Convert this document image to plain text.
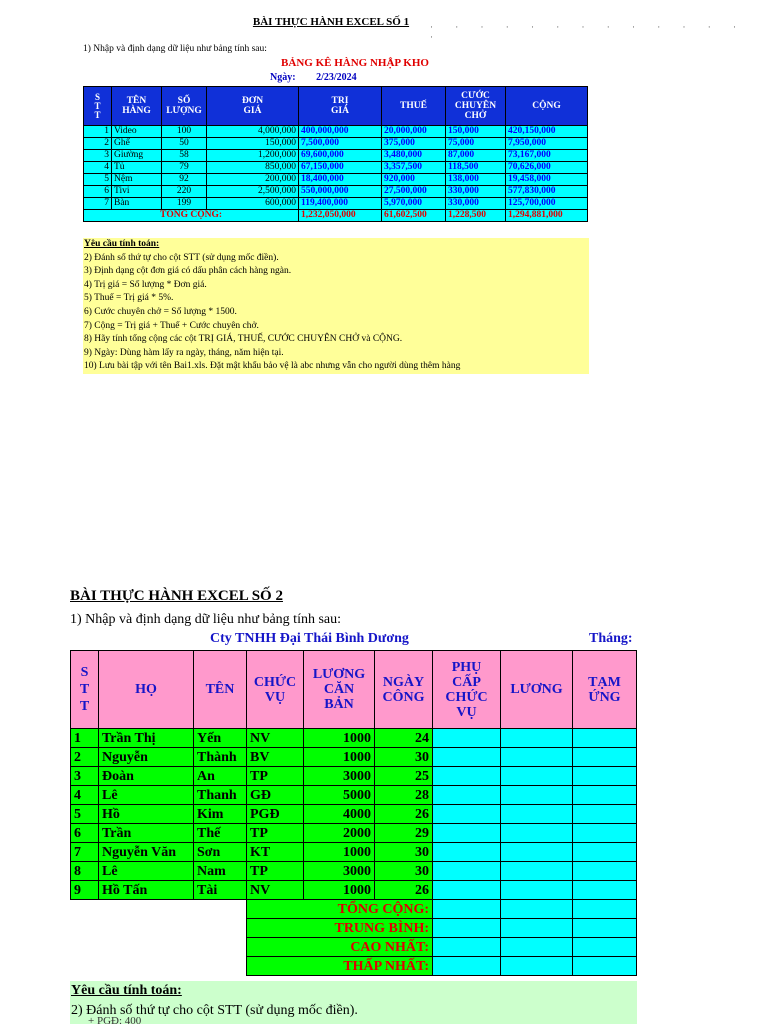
BÀI THỰC HÀNH EXCEL SỐ 1	· · · · · · · · · · · · · ·
1) Nhập và định dạng dữ liệu như bảng tính sau:
BẢNG KÊ HÀNG NHẬP KHO
Ngày: 2/23/2024
S T T	TÊN HÀNG	SỐ LƯỢNG	ĐƠN GIÁ	TRỊ GIÁ	THUẾ	CƯỚC CHUYÊN CHỞ	CỘNG
1	Video	100	4,000,000	400,000,000	20,000,000	150,000	420,150,000
2	Ghế	50	150,000	7,500,000	375,000	75,000	7,950,000
3	Giường	58	1,200,000	69,600,000	3,480,000	87,000	73,167,000
4	Tủ	79	850,000	67,150,000	3,357,500	118,500	70,626,000
5	Nệm	92	200,000	18,400,000	920,000	138,000	19,458,000
6	Tivi	220	2,500,000	550,000,000	27,500,000	330,000	577,830,000
7	Bàn	199	600,000	119,400,000	5,970,000	330,000	125,700,000
TỔNG CỘNG:				1,232,050,000	61,602,500	1,228,500	1,294,881,000
Yêu cầu tính toán:
2) Đánh số thứ tự cho cột STT (sử dụng mốc điền).
3) Định dạng cột đơn giá có dấu phân cách hàng ngàn.
4) Trị giá = Số lượng * Đơn giá.
5) Thuế = Trị giá * 5%.
6) Cước chuyên chở = Số lượng * 1500.
7) Cộng = Trị giá + Thuế + Cước chuyên chở.
8) Hãy tính tổng cộng các cột TRỊ GIÁ, THUẾ, CƯỚC CHUYÊN CHỞ và CỘNG.
9) Ngày: Dùng hàm lấy ra ngày, tháng, năm hiện tại.
10) Lưu bài tập với tên Bai1.xls. Đặt mật khẩu bảo vệ là abc nhưng vẫn cho người dùng thêm hàng
BÀI THỰC HÀNH EXCEL SỐ 2
1) Nhập và định dạng dữ liệu như bảng tính sau:
Cty TNHH Đại Thái Bình Dương	Tháng:
S T T	HỌ	TÊN	CHỨC VỤ	LƯƠNG CĂN BẢN	NGÀY CÔNG	PHỤ CẤP CHỨC VỤ	LƯƠNG	TẠM ỨNG
1	Trần Thị	Yến	NV	1000	24			
2	Nguyễn	Thành	BV	1000	30			
3	Đoàn	An	TP	3000	25			
4	Lê	Thanh	GĐ	5000	28			
5	Hồ	Kim	PGĐ	4000	26			
6	Trần	Thế	TP	2000	29			
7	Nguyễn Văn	Sơn	KT	1000	30			
8	Lê	Nam	TP	3000	30			
9	Hồ Tấn	Tài	NV	1000	26			
			TỔNG CỘNG:					
			TRUNG BÌNH:					
			CAO NHẤT:					
			THẤP NHẤT:					
Yêu cầu tính toán:
2) Đánh số thứ tự cho cột STT (sử dụng mốc điền).
+ PGĐ: 400
